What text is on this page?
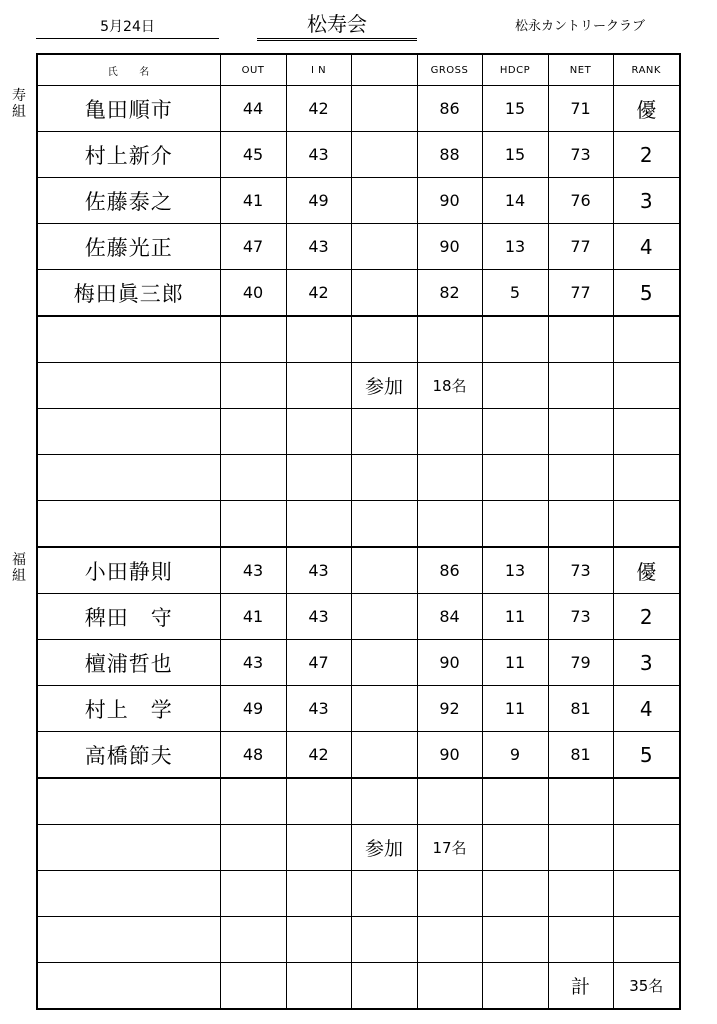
5月24日	松寿会	松永カントリークラブ
寿
組
福
組
氏　　名	OUT	I N		GROSS	HDCP	NET	RANK
亀田順市	44	42		86	15	71	優
村上新介	45	43		88	15	73	2
佐藤泰之	41	49		90	14	76	3
佐藤光正	47	43		90	13	77	4
梅田眞三郎	40	42		82	5	77	5

			参加	18名			

小田静則	43	43		86	13	73	優
稗田　守	41	43		84	11	73	2
檀浦哲也	43	47		90	11	79	3
村上　学	49	43		92	11	81	4
高橋節夫	48	42		90	9	81	5

			参加	17名			

						計	35名
